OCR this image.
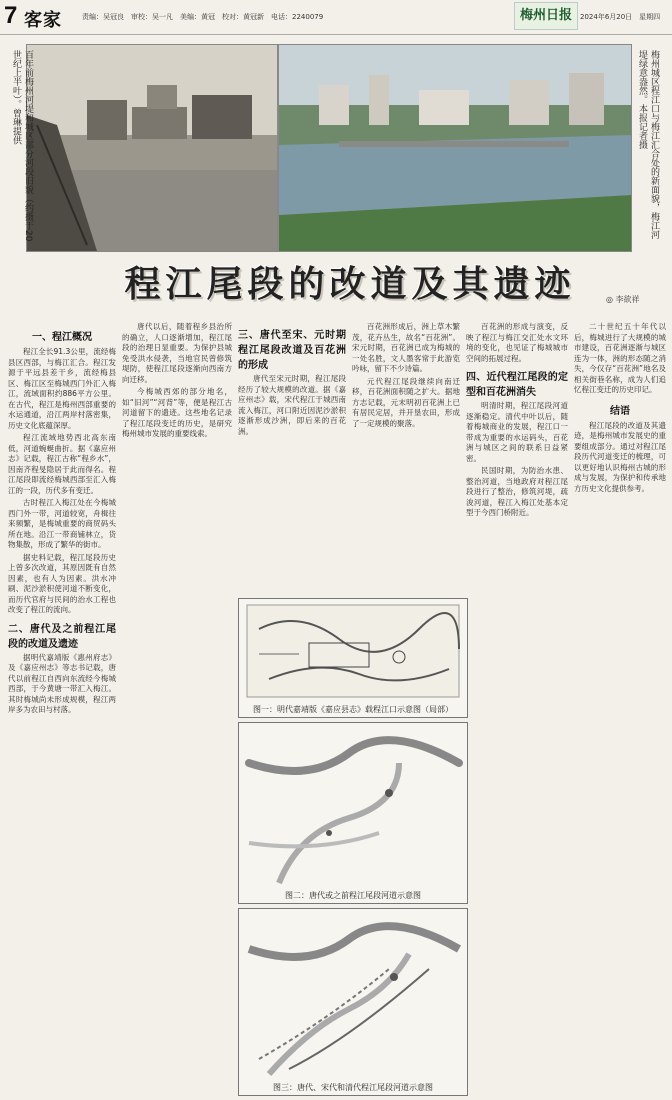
7 客家	责编：吴冠良　审校：吴一凡　美编：黄冠　校对：黄冠新　电话：2240079	梅州日报	2024年6月20日　星期四
百年前梅州河堤和城区部分河段旧貌（约摄于20世纪上半叶）。曾琳提供	梅州城区程江口与梅江汇合处的新面貌，梅江河堤绿意盎然。本报记者摄
程江尾段的改道及其遗迹	◎ 李欲祥
一、程江概况

程江全长91.3公里，流经梅县区西部，与梅江汇合。程江发源于平远县差干乡，流经梅县区、梅江区至梅城西门外汇入梅江，流域面积约886平方公里。在古代，程江是梅州西部重要的水运通道，沿江两岸村落密集，历史文化底蕴深厚。

程江流域地势西北高东南低，河道蜿蜒曲折。据《嘉应州志》记载，程江古称“程乡水”，因南齐程旻隐居于此而得名。程江尾段即流经梅城西部至汇入梅江的一段，历代多有变迁。

古时程江入梅江处在今梅城西门外一带，河道较宽，舟楫往来频繁，是梅城重要的商贸码头所在地。沿江一带商铺林立，货物集散，形成了繁华的街市。

据史料记载，程江尾段历史上曾多次改道，其原因既有自然因素，也有人为因素。洪水冲刷、泥沙淤积使河道不断变化，而历代官府与民间的治水工程也改变了程江的流向。

二、唐代及之前程江尾段的改道及遗迹

据明代嘉靖版《惠州府志》及《嘉应州志》等志书记载，唐代以前程江自西向东流经今梅城西部，于今黄塘一带汇入梅江。其时梅城尚未形成规模，程江两岸多为农田与村落。

唐代以后，随着程乡县治所的确立，人口逐渐增加，程江尾段的治理日显重要。为保护县城免受洪水侵袭，当地官民曾修筑堤防，使程江尾段逐渐向西南方向迁移。

今梅城西郊的部分地名，如“旧河”“河背”等，便是程江古河道留下的遗迹。这些地名记录了程江尾段变迁的历史，是研究梅州城市发展的重要线索。

三、唐代至宋、元时期程江尾段改道及百花洲的形成

唐代至宋元时期，程江尾段经历了较大规模的改道。据《嘉应州志》载，宋代程江于城西南流入梅江，河口附近因泥沙淤积逐渐形成沙洲，即后来的百花洲。

百花洲形成后，洲上草木繁茂，花卉丛生，故名“百花洲”。宋元时期，百花洲已成为梅城的一处名胜，文人墨客常于此游览吟咏，留下不少诗篇。

元代程江尾段继续向南迁移，百花洲面积随之扩大。据地方志记载，元末明初百花洲上已有居民定居，并开垦农田，形成了一定规模的聚落。

百花洲的形成与演变，反映了程江与梅江交汇处水文环境的变化，也见证了梅城城市空间的拓展过程。

四、近代程江尾段的定型和百花洲消失

明清时期，程江尾段河道逐渐稳定。清代中叶以后，随着梅城商业的发展，程江口一带成为重要的水运码头，百花洲与城区之间的联系日益紧密。

民国时期，为防治水患、整治河道，当地政府对程江尾段进行了整治，修筑河堤，疏浚河道，程江入梅江处基本定型于今西门桥附近。

二十世纪五十年代以后，梅城进行了大规模的城市建设，百花洲逐渐与城区连为一体，洲的形态随之消失，今仅存“百花洲”地名及相关街巷名称，成为人们追忆程江变迁的历史印记。

结语

程江尾段的改道及其遗迹，是梅州城市发展史的重要组成部分。通过对程江尾段历代河道变迁的梳理，可以更好地认识梅州古城的形成与发展，为保护和传承地方历史文化提供参考。

图一：明代嘉靖版《嘉应县志》载程江口示意图（局部）
图二：唐代或之前程江尾段河道示意图
图三：唐代、宋代和清代程江尾段河道示意图
